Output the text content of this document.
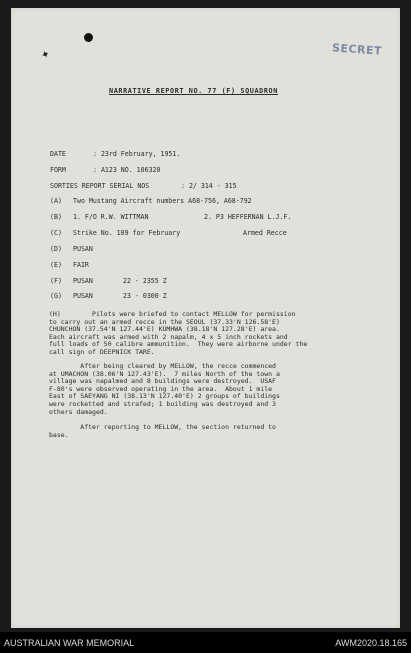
✦	SECRET
NARRATIVE REPORT NO. 77 (F) SQUADRON
DATE	: 23rd February, 1951.
FORM	: A123 NO. 106320
SORTIES REPORT SERIAL NOS	: 2/ 314 - 315
(A) Two Mustang Aircraft numbers A68-756, A68-792
(B) 1. F/O R.W. WITTMAN	2. P3 HEFFERNAN L.J.F.
(C) Strike No. 109 for February	Armed Recce
(D) PUSAN
(E) FAIR
(F) PUSAN	22 - 2355 Z
(G) PUSAN	23 - 0300 Z
(H)        Pilots were briefed to contact MELLOW for permission
to carry out an armed recce in the SEOUL (37.33'N 126.58'E)
CHUNCHON (37.54'N 127.44'E) KUMHWA (38.18'N 127.28'E) area.
Each aircraft was armed with 2 napalm, 4 x 5 inch rockets and
full loads of 50 calibre ammunition.  They were airborne under the
call sign of DEEPNICK TARE.
After being cleared by MELLOW, the recce commenced
at UMACHON (38.06'N 127.43'E).  7 miles North of the town a
village was napalmed and 8 buildings were destroyed.  USAF
F-80's were observed operating in the area.  About 1 mile
East of SAEYANG NI (38.13'N 127.40'E) 2 groups of buildings
were rocketted and strafed; 1 building was destroyed and 3
others damaged.
After reporting to MELLOW, the section returned to
base.
AUSTRALIAN WAR MEMORIAL	AWM2020.18.165
